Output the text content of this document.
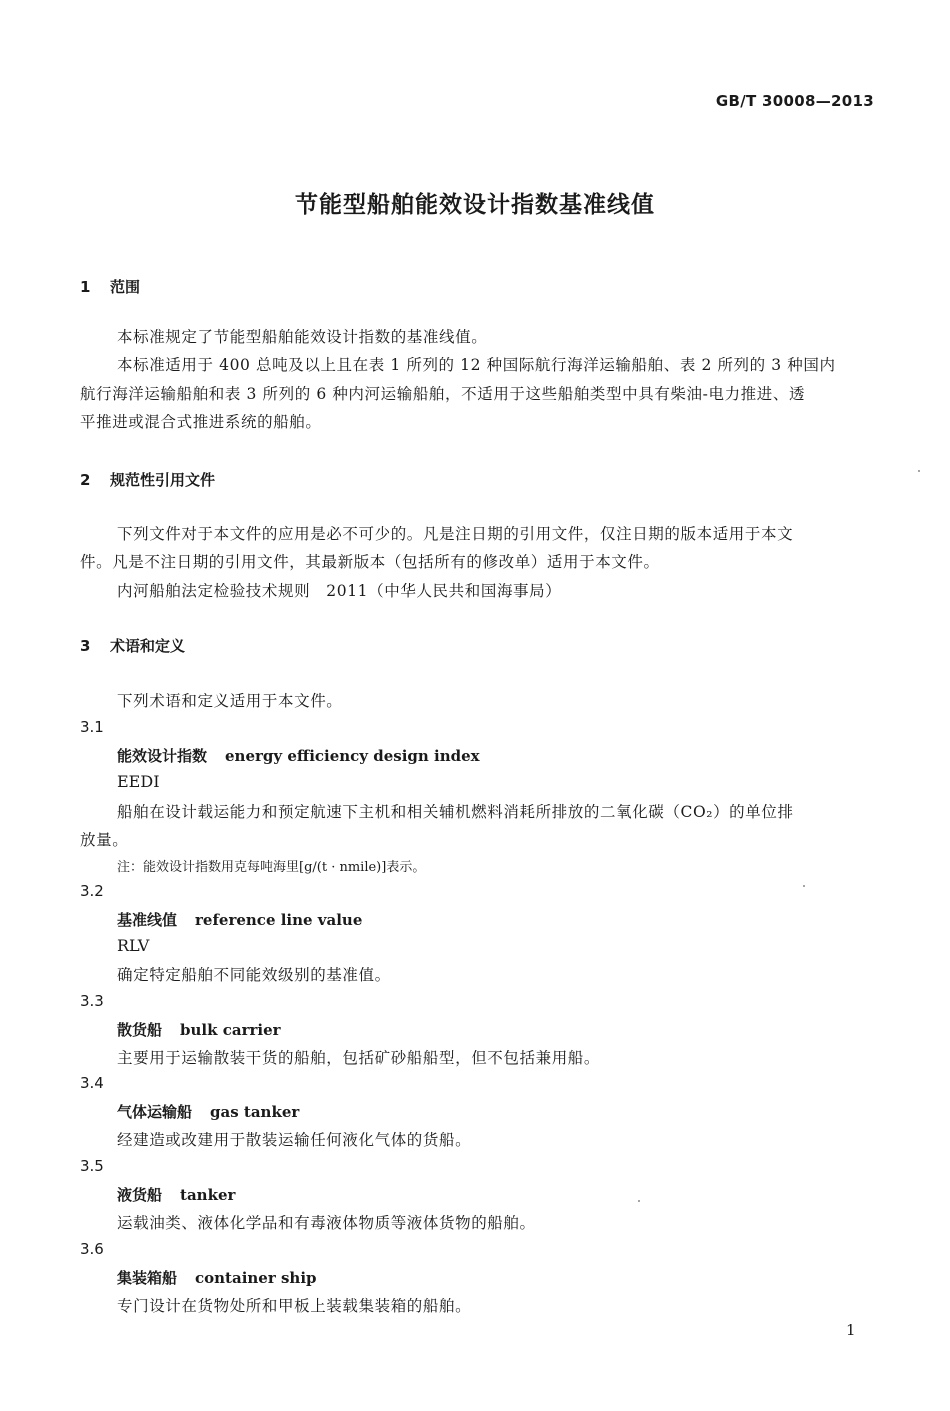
GB/T 30008—2013
节能型船舶能效设计指数基准线值
1 范围
本标准规定了节能型船舶能效设计指数的基准线值。
本标准适用于 400 总吨及以上且在表 1 所列的 12 种国际航行海洋运输船舶、表 2 所列的 3 种国内
航行海洋运输船舶和表 3 所列的 6 种内河运输船舶，不适用于这些船舶类型中具有柴油-电力推进、透
平推进或混合式推进系统的船舶。
2 规范性引用文件
下列文件对于本文件的应用是必不可少的。凡是注日期的引用文件，仅注日期的版本适用于本文
件。凡是不注日期的引用文件，其最新版本（包括所有的修改单）适用于本文件。
内河船舶法定检验技术规则　2011（中华人民共和国海事局）
3 术语和定义
下列术语和定义适用于本文件。
3.1
能效设计指数 energy efficiency design index
EEDI
船舶在设计载运能力和预定航速下主机和相关辅机燃料消耗所排放的二氧化碳（CO₂）的单位排
放量。
注：能效设计指数用克每吨海里[g/(t · nmile)]表示。
3.2
基准线值 reference line value
RLV
确定特定船舶不同能效级别的基准值。
3.3
散货船 bulk carrier
主要用于运输散装干货的船舶，包括矿砂船船型，但不包括兼用船。
3.4
气体运输船 gas tanker
经建造或改建用于散装运输任何液化气体的货船。
3.5
液货船 tanker
运载油类、液体化学品和有毒液体物质等液体货物的船舶。
3.6
集装箱船 container ship
专门设计在货物处所和甲板上装载集装箱的船舶。
1
